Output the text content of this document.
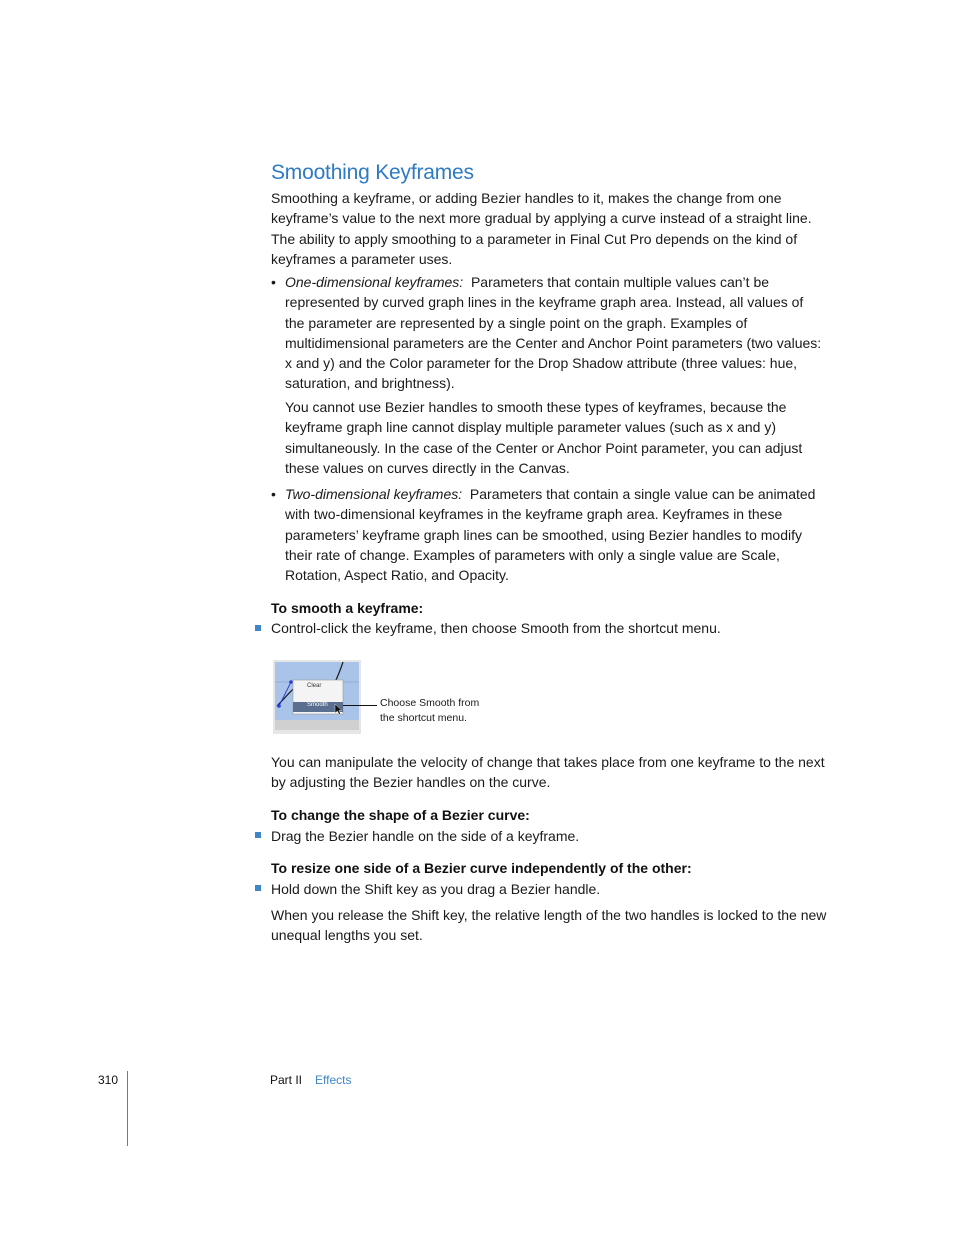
Smoothing Keyframes

Smoothing a keyframe, or adding Bezier handles to it, makes the change from one keyframe’s value to the next more gradual by applying a curve instead of a straight line. The ability to apply smoothing to a parameter in Final Cut Pro depends on the kind of keyframes a parameter uses.

• One-dimensional keyframes: Parameters that contain multiple values can’t be represented by curved graph lines in the keyframe graph area. Instead, all values of the parameter are represented by a single point on the graph. Examples of multidimensional parameters are the Center and Anchor Point parameters (two values: x and y) and the Color parameter for the Drop Shadow attribute (three values: hue, saturation, and brightness).

You cannot use Bezier handles to smooth these types of keyframes, because the keyframe graph line cannot display multiple parameter values (such as x and y) simultaneously. In the case of the Center or Anchor Point parameter, you can adjust these values on curves directly in the Canvas.

• Two-dimensional keyframes: Parameters that contain a single value can be animated with two-dimensional keyframes in the keyframe graph area. Keyframes in these parameters’ keyframe graph lines can be smoothed, using Bezier handles to modify their rate of change. Examples of parameters with only a single value are Scale, Rotation, Aspect Ratio, and Opacity.

To smooth a keyframe:

Control-click the keyframe, then choose Smooth from the shortcut menu.

Clear
Smooth	Choose Smooth from
the shortcut menu.

You can manipulate the velocity of change that takes place from one keyframe to the next by adjusting the Bezier handles on the curve.

To change the shape of a Bezier curve:

Drag the Bezier handle on the side of a keyframe.

To resize one side of a Bezier curve independently of the other:

Hold down the Shift key as you drag a Bezier handle.

When you release the Shift key, the relative length of the two handles is locked to the new unequal lengths you set.

310	Part II Effects
